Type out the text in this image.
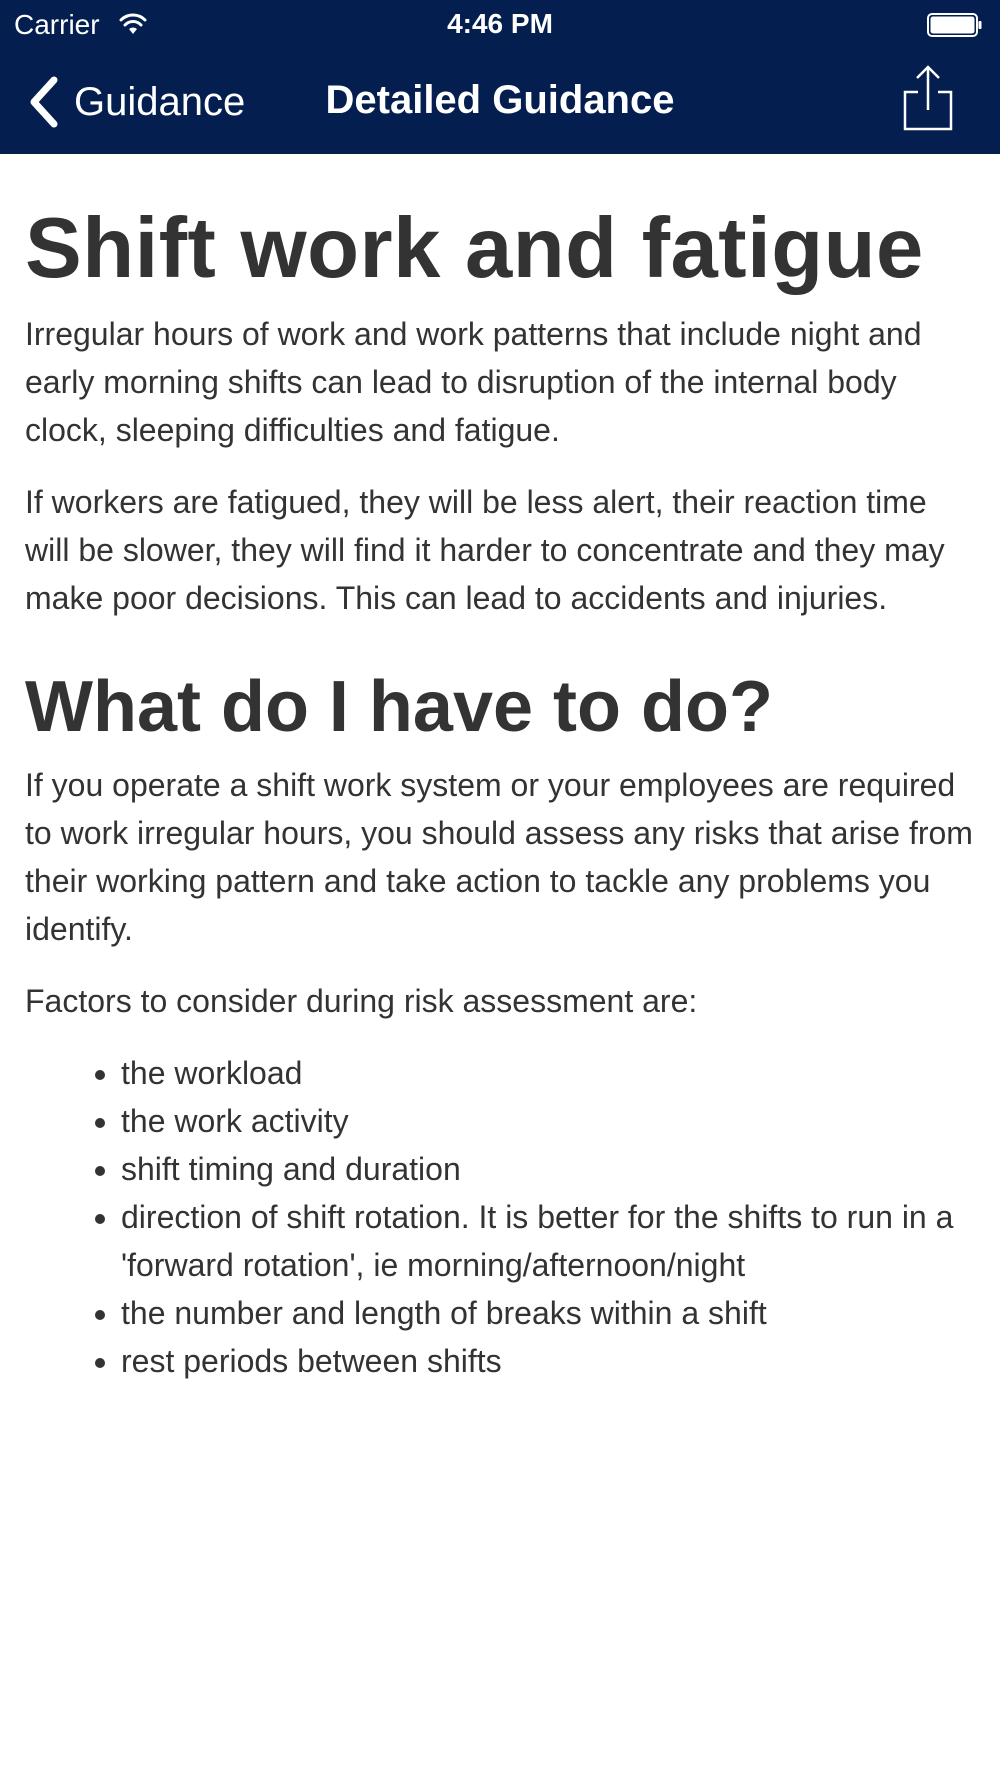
Carrier	4:46 PM
Guidance	Detailed Guidance
Shift work and fatigue

Irregular hours of work and work patterns that include night and early morning shifts can lead to disruption of the internal body clock, sleeping difficulties and fatigue.

If workers are fatigued, they will be less alert, their reaction time will be slower, they will find it harder to concentrate and they may make poor decisions. This can lead to accidents and injuries.

What do I have to do?

If you operate a shift work system or your employees are required to work irregular hours, you should assess any risks that arise from their working pattern and take action to tackle any problems you identify.

Factors to consider during risk assessment are:

• the workload
• the work activity
• shift timing and duration
• direction of shift rotation. It is better for the shifts to run in a 'forward rotation', ie morning/afternoon/night
• the number and length of breaks within a shift
• rest periods between shifts
